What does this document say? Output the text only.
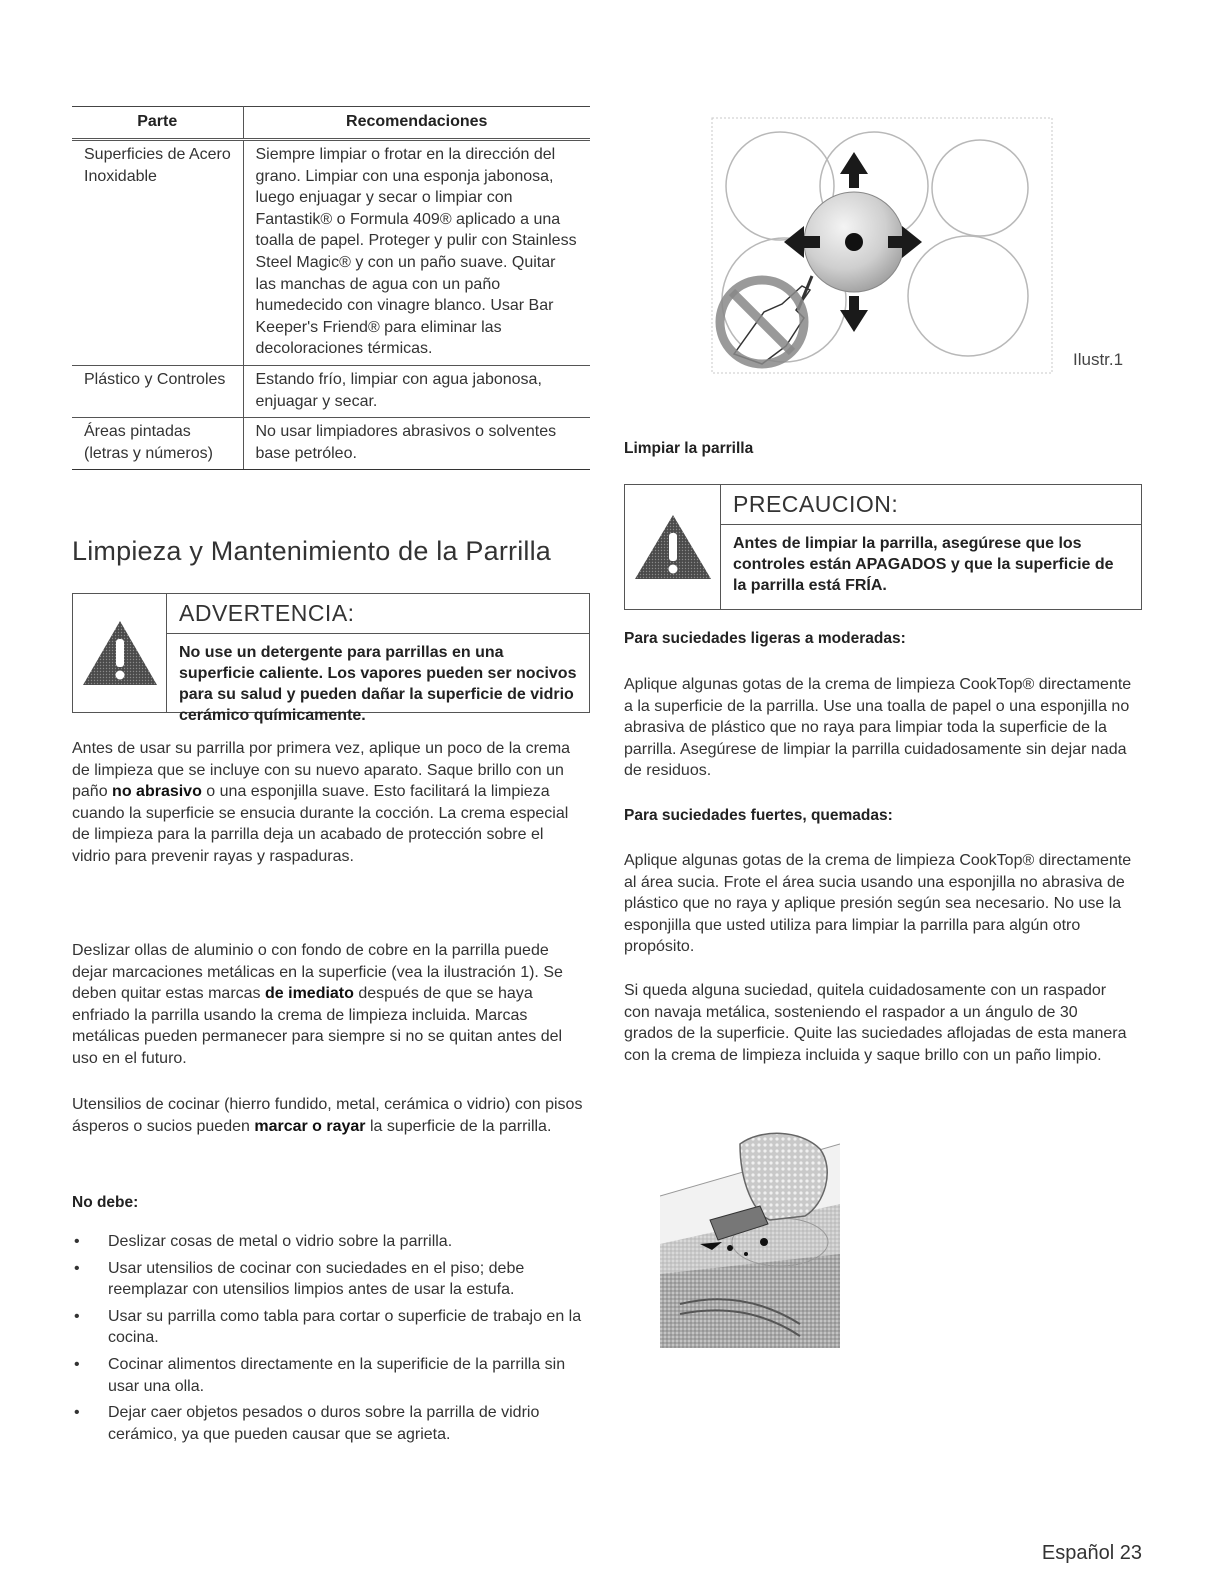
Parte	Recomendaciones
Superficies de Acero Inoxidable	Siempre limpiar o frotar en la dirección del grano. Limpiar con una esponja jabonosa, luego enjuagar y secar o limpiar con Fantastik® o Formula 409® aplicado a una toalla de papel. Proteger y pulir con Stainless Steel Magic® y con un paño suave. Quitar las manchas de agua con un paño humedecido con vinagre blanco. Usar Bar Keeper's Friend® para eliminar las decoloraciones térmicas.
Plástico y Controles	Estando frío, limpiar con agua jabonosa, enjuagar y secar.
Áreas pintadas (letras y números)	No usar limpiadores abrasivos o solventes base petróleo.
Limpieza y Mantenimiento de la Parrilla
ADVERTENCIA:
No use un detergente para parrillas en una superficie caliente. Los vapores pueden ser nocivos para su salud y pueden dañar la superficie de vidrio cerámico químicamente.

Antes de usar su parrilla por primera vez, aplique un poco de la crema de limpieza que se incluye con su nuevo aparato. Saque brillo con un paño no abrasivo o una esponjilla suave. Esto facilitará la limpieza cuando la superficie se ensucia durante la cocción. La crema especial de limpieza para la parrilla deja un acabado de protección sobre el vidrio para prevenir rayas y raspaduras.

Deslizar ollas de aluminio o con fondo de cobre en la parrilla puede dejar marcaciones metálicas en la superficie (vea la ilustración 1). Se deben quitar estas marcas de imediato después de que se haya enfriado la parrilla usando la crema de limpieza incluida. Marcas metálicas pueden permanecer para siempre si no se quitan antes del uso en el futuro.

Utensilios de cocinar (hierro fundido, metal, cerámica o vidrio) con pisos ásperos o sucios pueden marcar o rayar la superficie de la parrilla.

No debe:
• Deslizar cosas de metal o vidrio sobre la parrilla.
• Usar utensilios de cocinar con suciedades en el piso; debe reemplazar con utensilios limpios antes de usar la estufa.
• Usar su parrilla como tabla para cortar o superficie de trabajo en la cocina.
• Cocinar alimentos directamente en la superificie de la parrilla sin usar una olla.
• Dejar caer objetos pesados o duros sobre la parrilla de vidrio cerámico, ya que pueden causar que se agrieta.
Ilustr.1
Limpiar la parrilla
PRECAUCION:
Antes de limpiar la parrilla, asegúrese que los controles están APAGADOS y que la superficie de la parrilla está FRÍA.
Para suciedades ligeras a moderadas:

Aplique algunas gotas de la crema de limpieza CookTop® directamente a la superficie de la parrilla. Use una toalla de papel o una esponjilla no abrasiva de plástico que no raya para limpiar toda la superficie de la parrilla. Asegúrese de limpiar la parrilla cuidadosamente sin dejar nada de residuos.

Para suciedades fuertes, quemadas:

Aplique algunas gotas de la crema de limpieza CookTop® directamente al área sucia. Frote el área sucia usando una esponjilla no abrasiva de plástico que no raya y aplique presión según sea necesario. No use la esponjilla que usted utiliza para limpiar la parrilla para algún otro propósito.

Si queda alguna suciedad, quitela cuidadosamente con un raspador con navaja metálica, sosteniendo el raspador a un ángulo de 30 grados de la superficie. Quite las suciedades aflojadas de esta manera con la crema de limpieza incluida y saque brillo con un paño limpio.

Español 23
